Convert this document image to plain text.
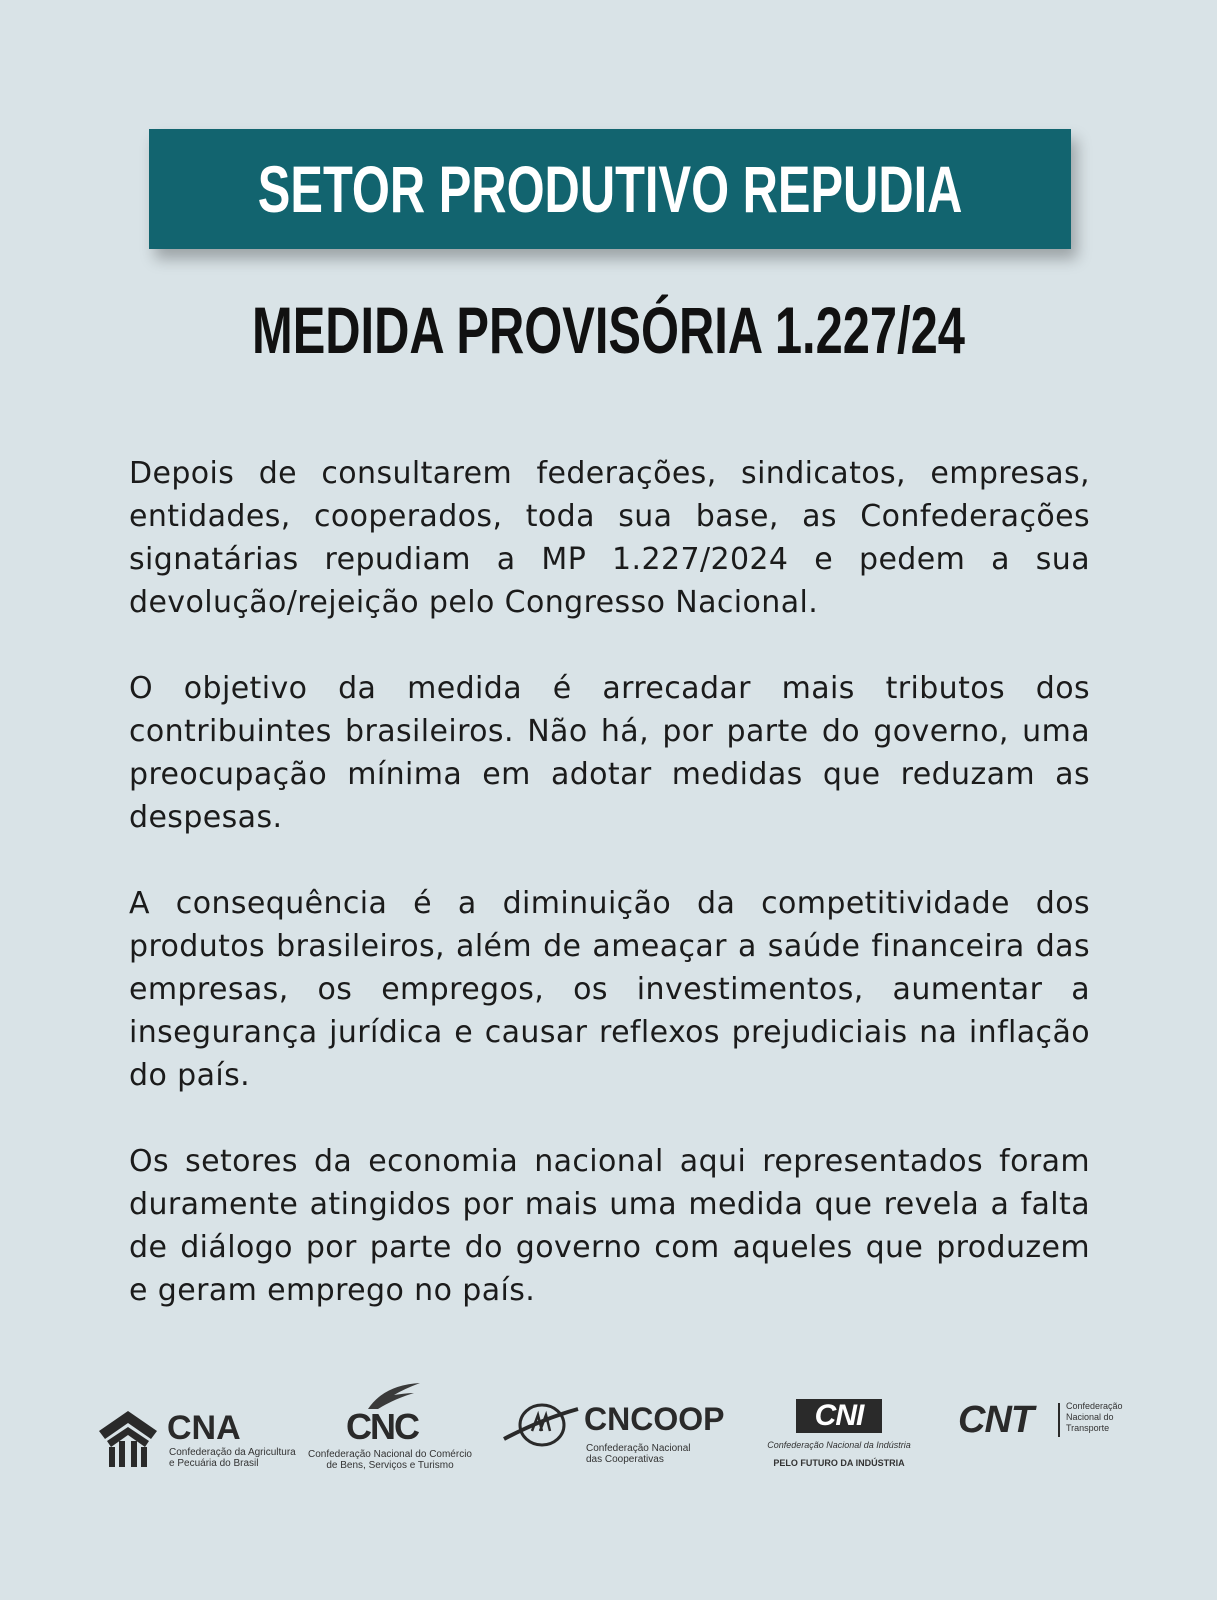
SETOR PRODUTIVO REPUDIA
MEDIDA PROVISÓRIA 1.227/24

Depois de consultarem federações, sindicatos, empresas, entidades, cooperados, toda sua base, as Confederações signatárias repudiam a MP 1.227/2024 e pedem a sua devolução/rejeição pelo Congresso Nacional.

O objetivo da medida é arrecadar mais tributos dos contribuintes brasileiros. Não há, por parte do governo, uma preocupação mínima em adotar medidas que reduzam as despesas.

A consequência é a diminuição da competitividade dos produtos brasileiros, além de ameaçar a saúde financeira das empresas, os empregos, os investimentos, aumentar a insegurança jurídica e causar reflexos prejudiciais na inflação do país.

Os setores da economia nacional aqui representados foram duramente atingidos por mais uma medida que revela a falta de diálogo por parte do governo com aqueles que produzem e geram emprego no país.

CNA
Confederação da Agricultura
e Pecuária do Brasil
CNC
Confederação Nacional do Comércio
de Bens, Serviços e Turismo
CNCOOP
Confederação Nacional
das Cooperativas
CNI
Confederação Nacional da Indústria
PELO FUTURO DA INDÚSTRIA
CNT	Confederação
Nacional do
Transporte
